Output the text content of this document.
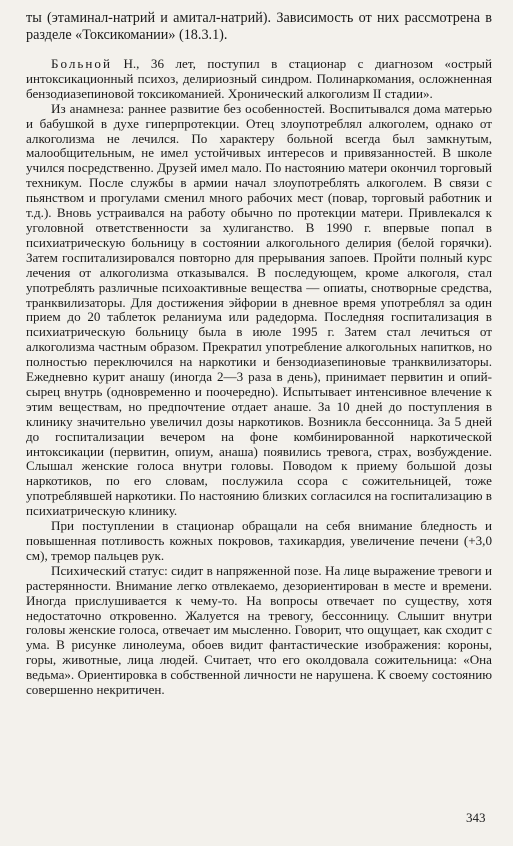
ты (этаминал-натрий и амитал-натрий). Зависимость от них рассмотрена в разделе «Токсикомании» (18.3.1).

Больной Н., 36 лет, поступил в стационар с диагнозом «острый интоксикационный психоз, делириозный синдром. Полинаркомания, осложненная бензодиазепиновой токсикоманией. Хронический алкоголизм II стадии».

Из анамнеза: раннее развитие без особенностей. Воспитывался дома матерью и бабушкой в духе гиперпротекции. Отец злоупотреблял алкоголем, однако от алкоголизма не лечился. По характеру больной всегда был замкнутым, малообщительным, не имел устойчивых интересов и привязанностей. В школе учился посредственно. Друзей имел мало. По настоянию матери окончил торговый техникум. После службы в армии начал злоупотреблять алкоголем. В связи с пьянством и прогулами сменил много рабочих мест (повар, торговый работник и т.д.). Вновь устраивался на работу обычно по протекции матери. Привлекался к уголовной ответственности за хулиганство. В 1990 г. впервые попал в психиатрическую больницу в состоянии алкогольного делирия (белой горячки). Затем госпитализировался повторно для прерывания запоев. Пройти полный курс лечения от алкоголизма отказывался. В последующем, кроме алкоголя, стал употреблять различные психоактивные вещества — опиаты, снотворные средства, транквилизаторы. Для достижения эйфории в дневное время употреблял за один прием до 20 таблеток реланиума или радедорма. Последняя госпитализация в психиатрическую больницу была в июле 1995 г. Затем стал лечиться от алкоголизма частным образом. Прекратил употребление алкогольных напитков, но полностью переключился на наркотики и бензодиазепиновые транквилизаторы. Ежедневно курит анашу (иногда 2—3 раза в день), принимает первитин и опий-сырец внутрь (одновременно и поочередно). Испытывает интенсивное влечение к этим веществам, но предпочтение отдает анаше. За 10 дней до поступления в клинику значительно увеличил дозы наркотиков. Возникла бессонница. За 5 дней до госпитализации вечером на фоне комбинированной наркотической интоксикации (первитин, опиум, анаша) появились тревога, страх, возбуждение. Слышал женские голоса внутри головы. Поводом к приему большой дозы наркотиков, по его словам, послужила ссора с сожительницей, тоже употреблявшей наркотики. По настоянию близких согласился на госпитализацию в психиатрическую клинику.

При поступлении в стационар обращали на себя внимание бледность и повышенная потливость кожных покровов, тахикардия, увеличение печени (+3,0 см), тремор пальцев рук.

Психический статус: сидит в напряженной позе. На лице выражение тревоги и растерянности. Внимание легко отвлекаемо, дезориентирован в месте и времени. Иногда прислушивается к чему-то. На вопросы отвечает по существу, хотя недостаточно откровенно. Жалуется на тревогу, бессонницу. Слышит внутри головы женские голоса, отвечает им мысленно. Говорит, что ощущает, как сходит с ума. В рисунке линолеума, обоев видит фантастические изображения: короны, горы, животные, лица людей. Считает, что его околдовала сожительница: «Она ведьма». Ориентировка в собственной личности не нарушена. К своему состоянию совершенно некритичен.

343
